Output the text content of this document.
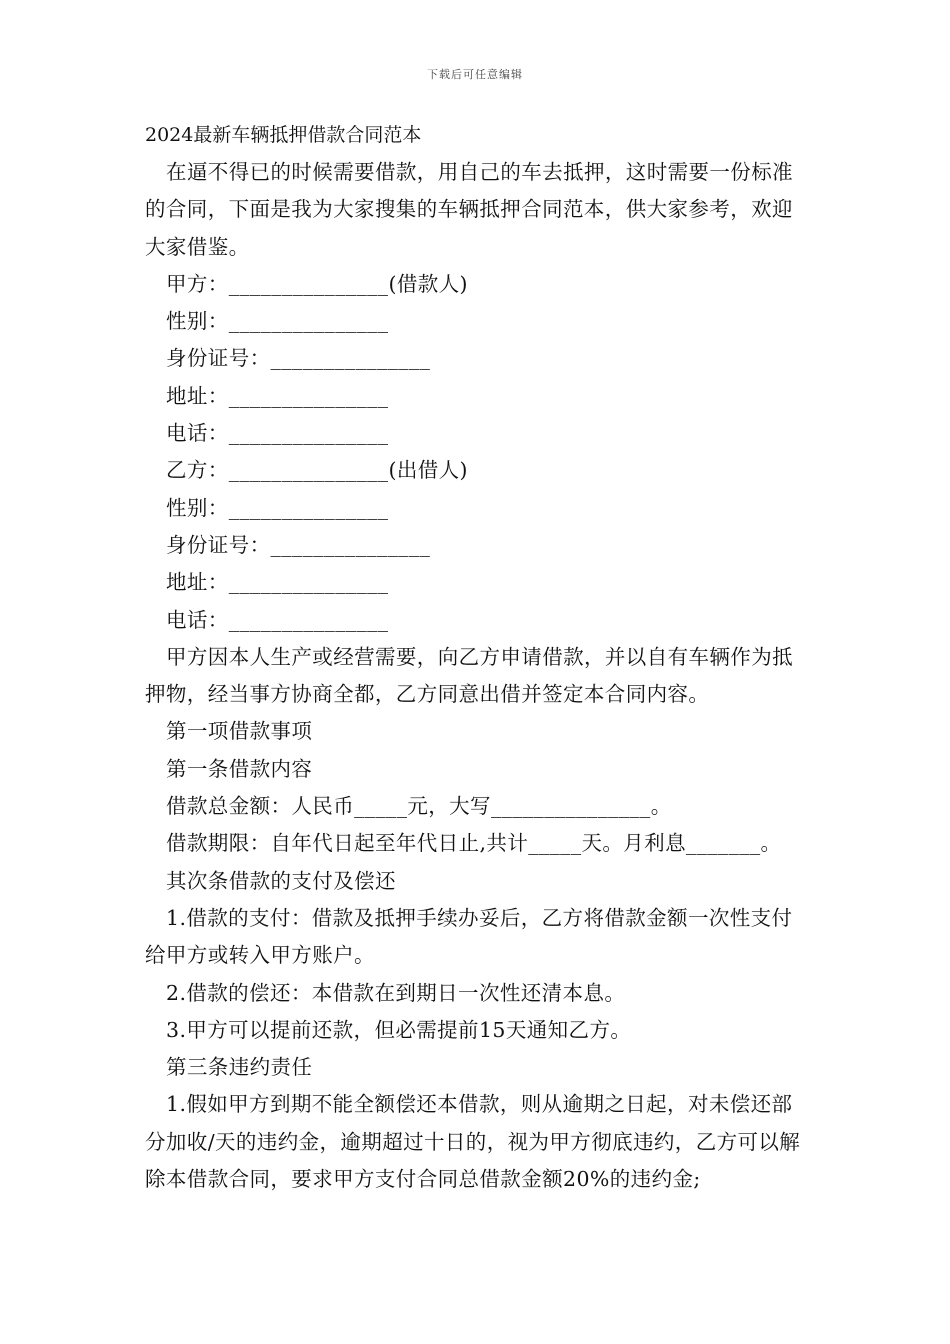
下载后可任意编辑
2024最新车辆抵押借款合同范本

在逼不得已的时候需要借款，用自己的车去抵押，这时需要一份标准的合同，下面是我为大家搜集的车辆抵押合同范本，供大家参考，欢迎大家借鉴。

甲方：_______________(借款人)
性别：_______________
身份证号：_______________
地址：_______________
电话：_______________
乙方：_______________(出借人)
性别：_______________
身份证号：_______________
地址：_______________
电话：_______________

甲方因本人生产或经营需要，向乙方申请借款，并以自有车辆作为抵押物，经当事方协商全都，乙方同意出借并签定本合同内容。

第一项借款事项
第一条借款内容
借款总金额：人民币_____元，大写_______________。
借款期限：自年代日起至年代日止,共计_____天。月利息_______。
其次条借款的支付及偿还

1.借款的支付：借款及抵押手续办妥后，乙方将借款金额一次性支付给甲方或转入甲方账户。

2.借款的偿还：本借款在到期日一次性还清本息。

3.甲方可以提前还款，但必需提前15天通知乙方。

第三条违约责任

1.假如甲方到期不能全额偿还本借款，则从逾期之日起，对未偿还部分加收/天的违约金，逾期超过十日的，视为甲方彻底违约，乙方可以解除本借款合同，要求甲方支付合同总借款金额20%的违约金;
